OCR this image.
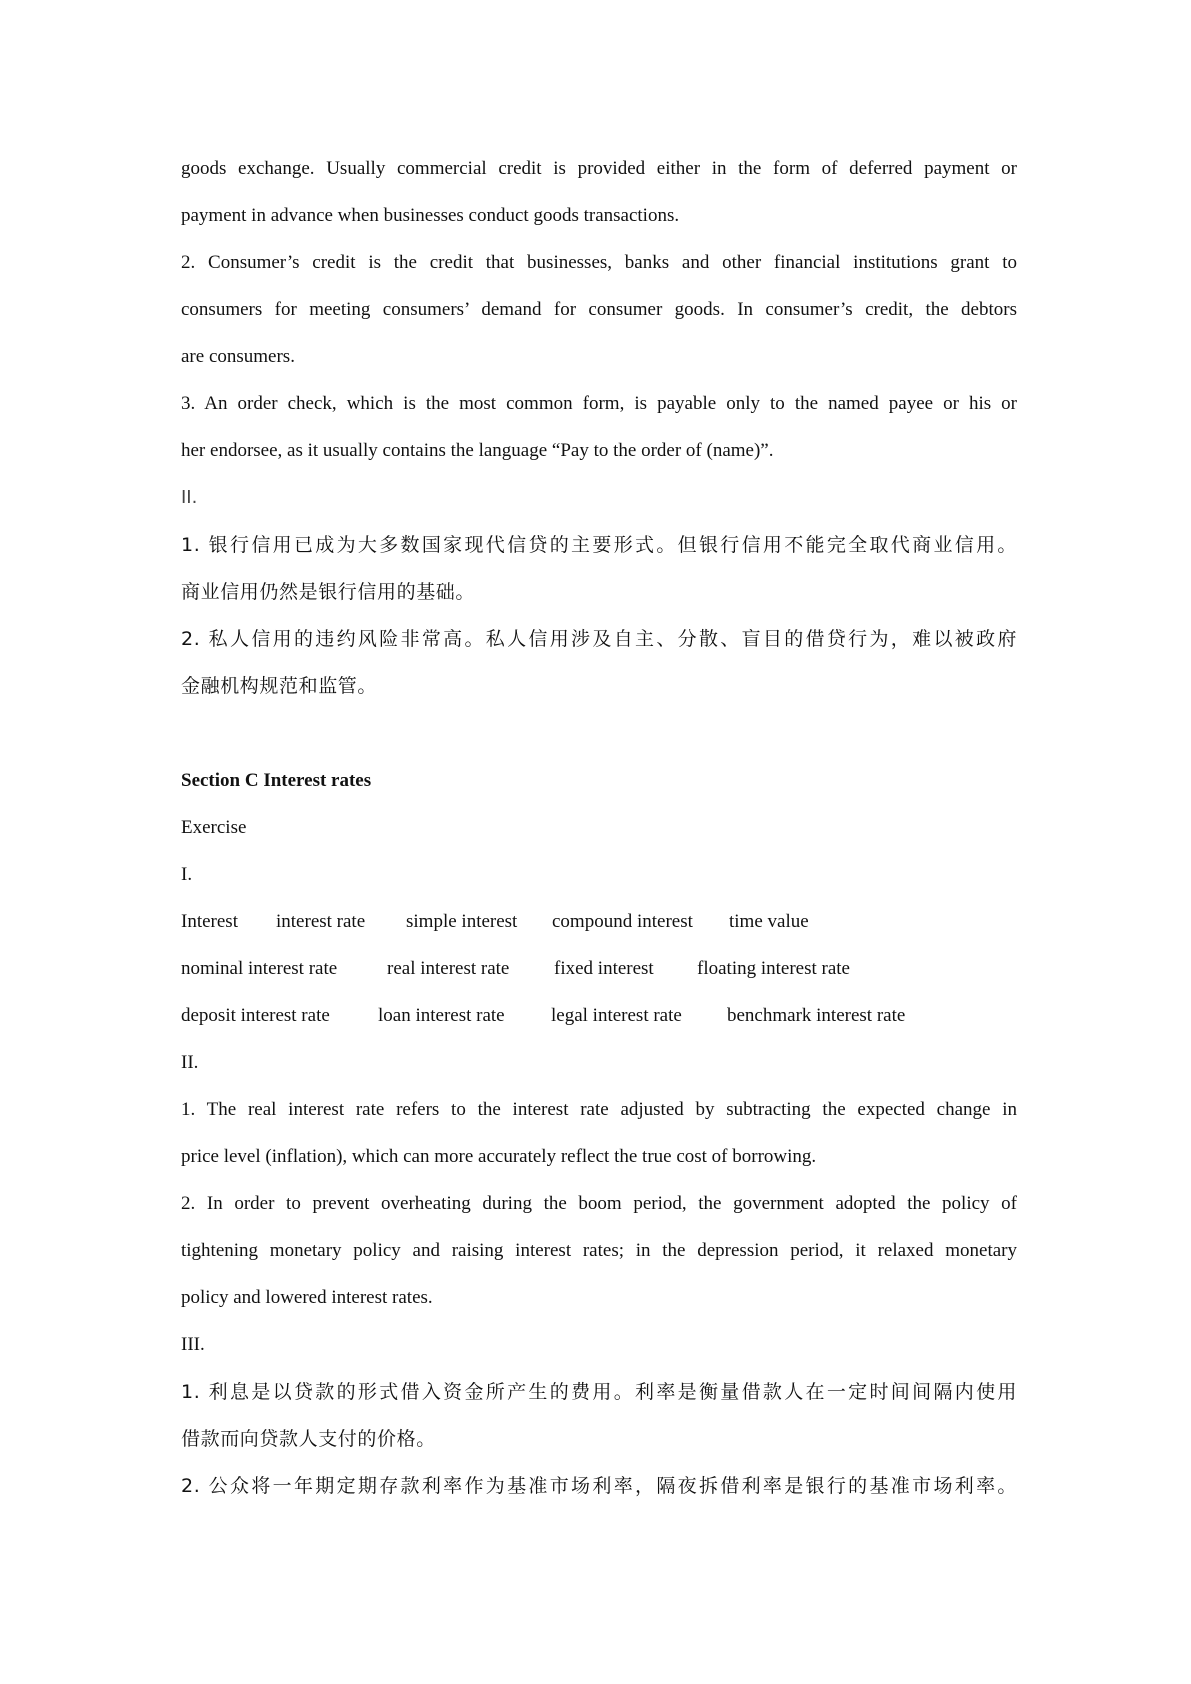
goods exchange. Usually commercial credit is provided either in the form of deferred payment or
payment in advance when businesses conduct goods transactions.
2. Consumer’s credit is the credit that businesses, banks and other financial institutions grant to
consumers for meeting consumers’ demand for consumer goods. In consumer’s credit, the debtors
are consumers.
3. An order check, which is the most common form, is payable only to the named payee or his or
her endorsee, as it usually contains the language “Pay to the order of (name)”.
II.
1. 银行信用已成为大多数国家现代信贷的主要形式。但银行信用不能完全取代商业信用。
商业信用仍然是银行信用的基础。
2. 私人信用的违约风险非常高。私人信用涉及自主、分散、盲目的借贷行为，难以被政府
金融机构规范和监管。
Section C Interest rates
Exercise
I.
Interest interest rate simple interest compound interest time value
nominal interest rate	real interest rate fixed interest floating interest rate
deposit interest rate	loan interest rate legal interest rate benchmark interest rate
II.
1. The real interest rate refers to the interest rate adjusted by subtracting the expected change in
price level (inflation), which can more accurately reflect the true cost of borrowing.
2. In order to prevent overheating during the boom period, the government adopted the policy of
tightening monetary policy and raising interest rates; in the depression period, it relaxed monetary
policy and lowered interest rates.
III.
1. 利息是以贷款的形式借入资金所产生的费用。利率是衡量借款人在一定时间间隔内使用
借款而向贷款人支付的价格。
2. 公众将一年期定期存款利率作为基准市场利率，隔夜拆借利率是银行的基准市场利率。
